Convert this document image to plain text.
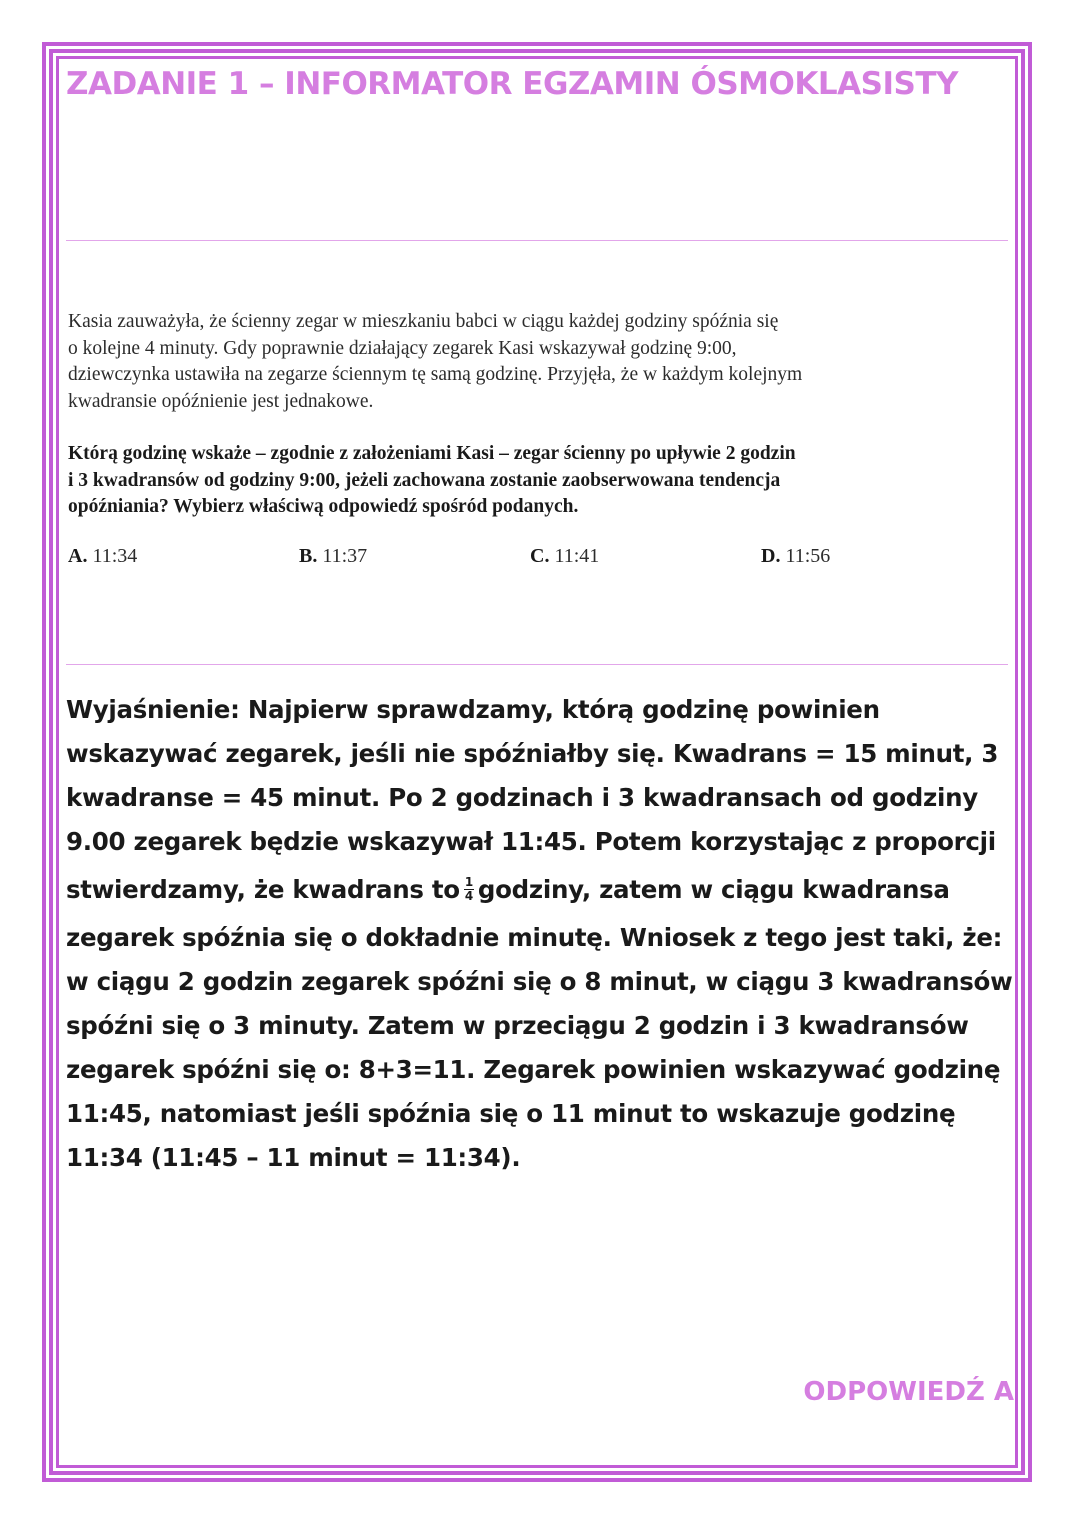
ZADANIE 1 – INFORMATOR EGZAMIN ÓSMOKLASISTY
Kasia zauważyła, że ścienny zegar w mieszkaniu babci w ciągu każdej godziny spóźnia się
o kolejne 4 minuty. Gdy poprawnie działający zegarek Kasi wskazywał godzinę 9:00,
dziewczynka ustawiła na zegarze ściennym tę samą godzinę. Przyjęła, że w każdym kolejnym
kwadransie opóźnienie jest jednakowe.
Którą godzinę wskaże – zgodnie z założeniami Kasi – zegar ścienny po upływie 2 godzin
i 3 kwadransów od godziny 9:00, jeżeli zachowana zostanie zaobserwowana tendencja
opóźniania? Wybierz właściwą odpowiedź spośród podanych.
A. 11:34	B. 11:37	C. 11:41	D. 11:56
Wyjaśnienie: Najpierw sprawdzamy, którą godzinę powinien
wskazywać zegarek, jeśli nie spóźniałby się. Kwadrans = 15 minut, 3
kwadranse = 45 minut. Po 2 godzinach i 3 kwadransach od godziny
9.00 zegarek będzie wskazywał 11:45. Potem korzystając z proporcji
stwierdzamy, że kwadrans to $\frac{1}{4}$ godziny, zatem w ciągu kwadransa
zegarek spóźnia się o dokładnie minutę. Wniosek z tego jest taki, że:
w ciągu 2 godzin zegarek spóźni się o 8 minut, w ciągu 3 kwadransów
spóźni się o 3 minuty. Zatem w przeciągu 2 godzin i 3 kwadransów
zegarek spóźni się o: 8+3=11. Zegarek powinien wskazywać godzinę
11:45, natomiast jeśli spóźnia się o 11 minut to wskazuje godzinę
11:34 (11:45 – 11 minut = 11:34).
ODPOWIEDŹ A
